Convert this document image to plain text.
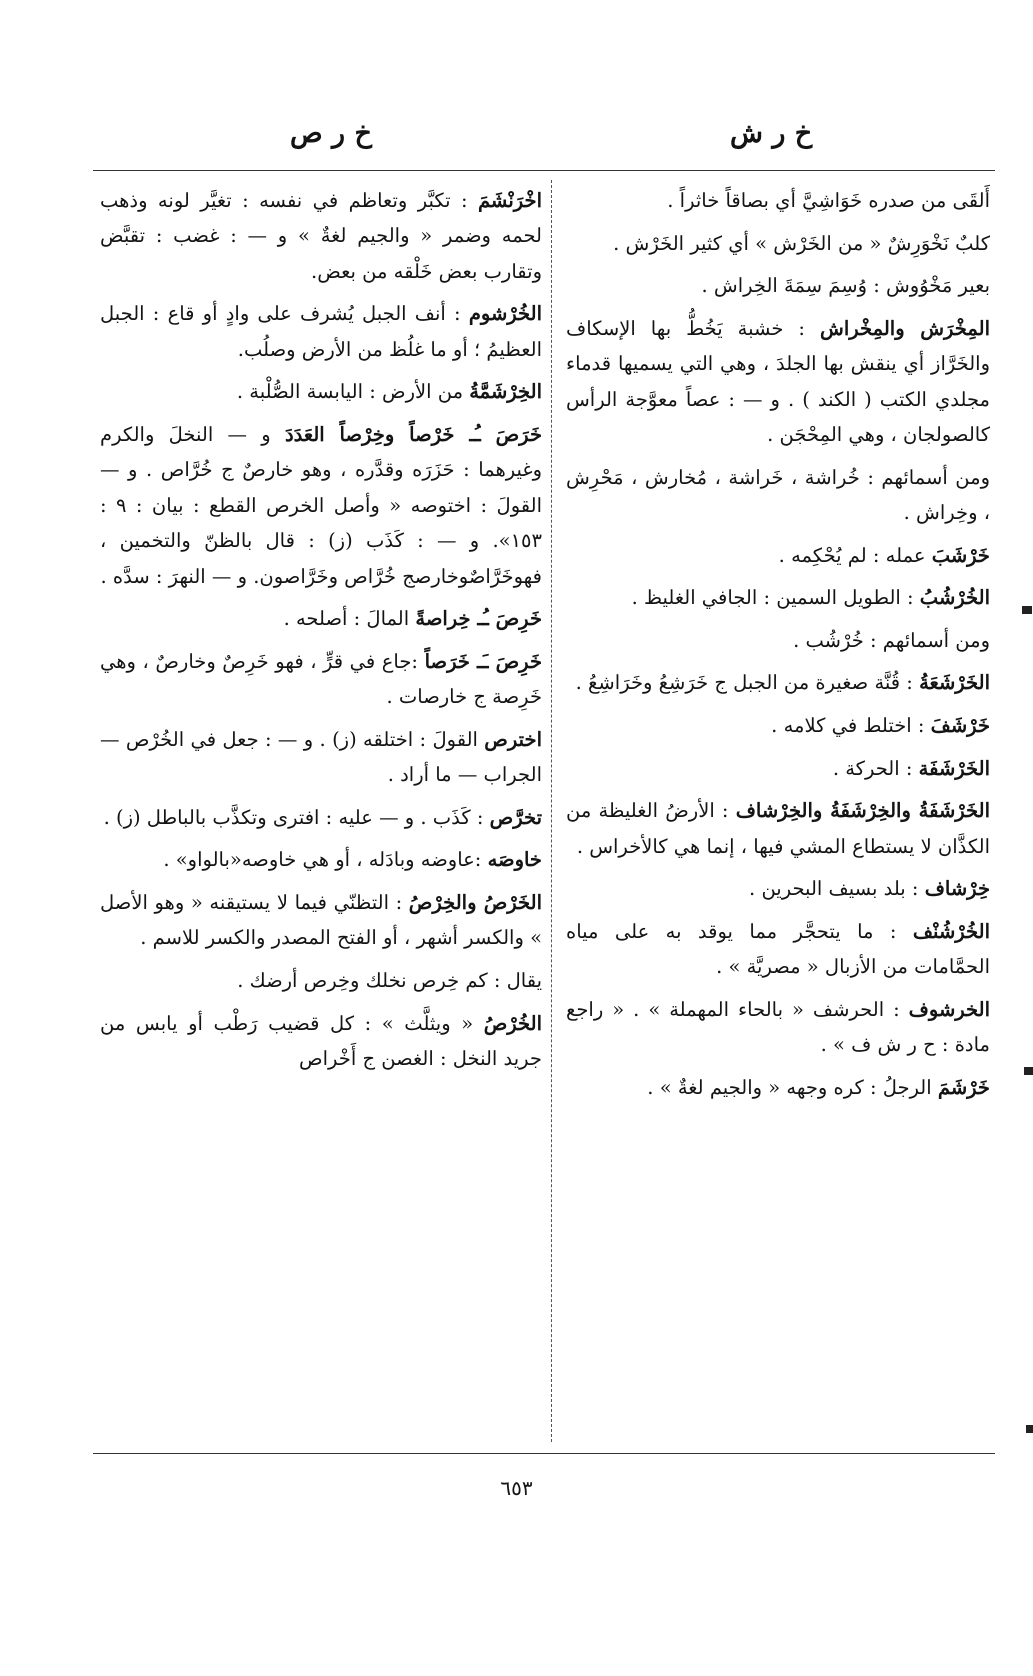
خ ر ش
خ ر ص

أَلقَى من صدره خَوَاشِيَّ أي بصاقاً خاثراً .

كلبٌ نَخْوَرِشٌ « من الخَرْش » أي كثير الخَرْش .

بعير مَخْوُوش : وُسِمَ سِمَةَ الخِراش .

المِخْرَش والمِخْراش : خشبة يَخُطُّ بها الإسكاف والخَرَّاز أي ينقش بها الجلدَ ، وهي التي يسميها قدماء مجلدي الكتب ( الكند ) . و — : عصاً معوَّجة الرأس كالصولجان ، وهي المِحْجَن .

ومن أسمائهم : خُراشة ، خَراشة ، مُخارش ، مَحْرِش ، وخِراش .

خَرْشَبَ عمله : لم يُحْكِمه .

الخُرْشُبُ : الطويل السمين : الجافي الغليظ .

ومن أسمائهم : خُرْشُب .

الخَرْشَعَةُ : قُنَّة صغيرة من الجبل ج خَرَشِعُ وخَرَاشِعُ .

خَرْشَفَ : اختلط في كلامه .

الخَرْشَفَة : الحركة .

الخَرْشَفَةُ والخِرْشَفَةُ والخِرْشاف : الأرضُ الغليظة من الكذَّان لا يستطاع المشي فيها ، إنما هي كالأخراس .

خِرْشاف : بلد بسيف البحرين .

الخُرْشُنْف : ما يتحجَّر مما يوقد به على مياه الحمَّامات من الأزبال « مصريَّة » .

الخرشوف : الحرشف « بالحاء المهملة » . « راجع مادة : ح ر ش ف » .

خَرْشَمَ الرجلُ : كره وجهه « والجيم لغةٌ » .

اخْرَنْشَمَ : تكبَّر وتعاظم في نفسه : تغيَّر لونه وذهب لحمه وضمر « والجيم لغةٌ » و — : غضب : تقبَّض وتقارب بعض خَلْقه من بعض.

الخُرْشوم : أنف الجبل يُشرف على وادٍ أو قاع : الجبل العظيمُ ؛ أو ما غلُظ من الأرض وصلُب.

الخِرْشَمَّةُ من الأرض : اليابسة الصُّلْبة .

خَرَصَ ـُـ خَرْصاً وخِرْصاً العَدَدَ و — النخلَ والكرم وغيرهما : حَزَرَه وقدَّره ، وهو خارصٌ ج خُرَّاص . و — القولَ : اختوصه « وأصل الخرص القطع : بيان : ٩ : ١٥٣». و — : كَذَب (ز) : قال بالظنّ والتخمين ، فهوخَرَّاصٌوخارصج خُرَّاص وخَرَّاصون. و — النهرَ : سدَّه .

خَرِصَ ـُـ خِراصةً المالَ : أصلحه .

خَرِصَ ـَـ خَرَصاً :جاع في قرٍّ ، فهو خَرِصٌ وخارصٌ ، وهي خَرِصة ج خارصات .

اخترص القولَ : اختلقه (ز) . و — : جعل في الخُرْص — الجراب — ما أراد .

تخرَّص : كَذَب . و — عليه : افترى وتكذَّب بالباطل (ز) .

خاوصَه :عاوضه وبادَله ، أو هي خاوصه«بالواو» .

الخَرْصُ والخِرْصُ : التظنّي فيما لا يستيقنه « وهو الأصل » والكسر أشهر ، أو الفتح المصدر والكسر للاسم .

يقال : كم خِرص نخلك وخِرص أرضك .

الخُرْصُ « ويثلَّث » : كل قضيب رَطْب أو يابس من جريد النخل : الغصن ج أَخْراص

٦٥٣
